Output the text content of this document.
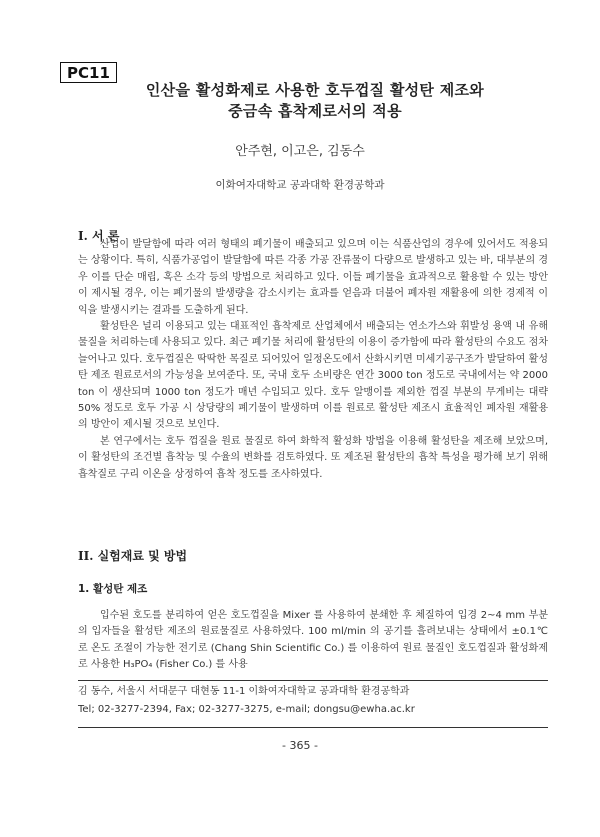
PC11
인산을 활성화제로 사용한 호두껍질 활성탄 제조와
중금속 흡착제로서의 적용
안주현, 이고은, 김동수
이화여자대학교 공과대학 환경공학과
I. 서 론

산업이 발달함에 따라 여러 형태의 폐기물이 배출되고 있으며 이는 식품산업의 경우에 있어서도 적용되는 상황이다. 특히, 식품가공업이 발달함에 따른 각종 가공 잔류물이 다량으로 발생하고 있는 바, 대부분의 경우 이를 단순 매립, 혹은 소각 등의 방법으로 처리하고 있다. 이들 폐기물을 효과적으로 활용할 수 있는 방안이 제시될 경우, 이는 폐기물의 발생량을 감소시키는 효과를 얻음과 더불어 폐자원 재활용에 의한 경제적 이익을 발생시키는 결과를 도출하게 된다.

활성탄은 널리 이용되고 있는 대표적인 흡착제로 산업체에서 배출되는 연소가스와 휘발성 용액 내 유해물질을 처리하는데 사용되고 있다. 최근 폐기물 처리에 활성탄의 이용이 증가함에 따라 활성탄의 수요도 점차 늘어나고 있다. 호두껍질은 딱딱한 목질로 되어있어 일정온도에서 산화시키면 미세기공구조가 발달하여 활성탄 제조 원료로서의 가능성을 보여준다. 또, 국내 호두 소비량은 연간 3000 ton 정도로 국내에서는 약 2000 ton 이 생산되며 1000 ton 정도가 매년 수입되고 있다. 호두 알맹이를 제외한 껍질 부분의 무게비는 대략 50% 정도로 호두 가공 시 상당량의 폐기물이 발생하며 이를 원료로 활성탄 제조시 효율적인 폐자원 재활용의 방안이 제시될 것으로 보인다.

본 연구에서는 호두 껍질을 원료 물질로 하여 화학적 활성화 방법을 이용해 활성탄을 제조해 보았으며, 이 활성탄의 조건별 흡착능 및 수율의 변화를 검토하였다. 또 제조된 활성탄의 흡착 특성을 평가해 보기 위해 흡착질로 구리 이온을 상정하여 흡착 정도를 조사하였다.

II. 실험재료 및 방법
1. 활성탄 제조

입수된 호도를 분리하여 얻은 호도껍질을 Mixer 를 사용하여 분쇄한 후 체질하여 입경 2~4 mm 부분의 입자들을 활성탄 제조의 원료물질로 사용하였다. 100 ml/min 의 공기를 흘려보내는 상태에서 ±0.1℃ 로 온도 조절이 가능한 전기로 (Chang Shin Scientific Co.) 를 이용하여 원료 물질인 호도껍질과 활성화제로 사용한 H₃PO₄ (Fisher Co.) 를 사용

김 동수, 서울시 서대문구 대현동 11-1 이화여자대학교 공과대학 환경공학과
Tel; 02-3277-2394, Fax; 02-3277-3275, e-mail; dongsu@ewha.ac.kr
- 365 -
